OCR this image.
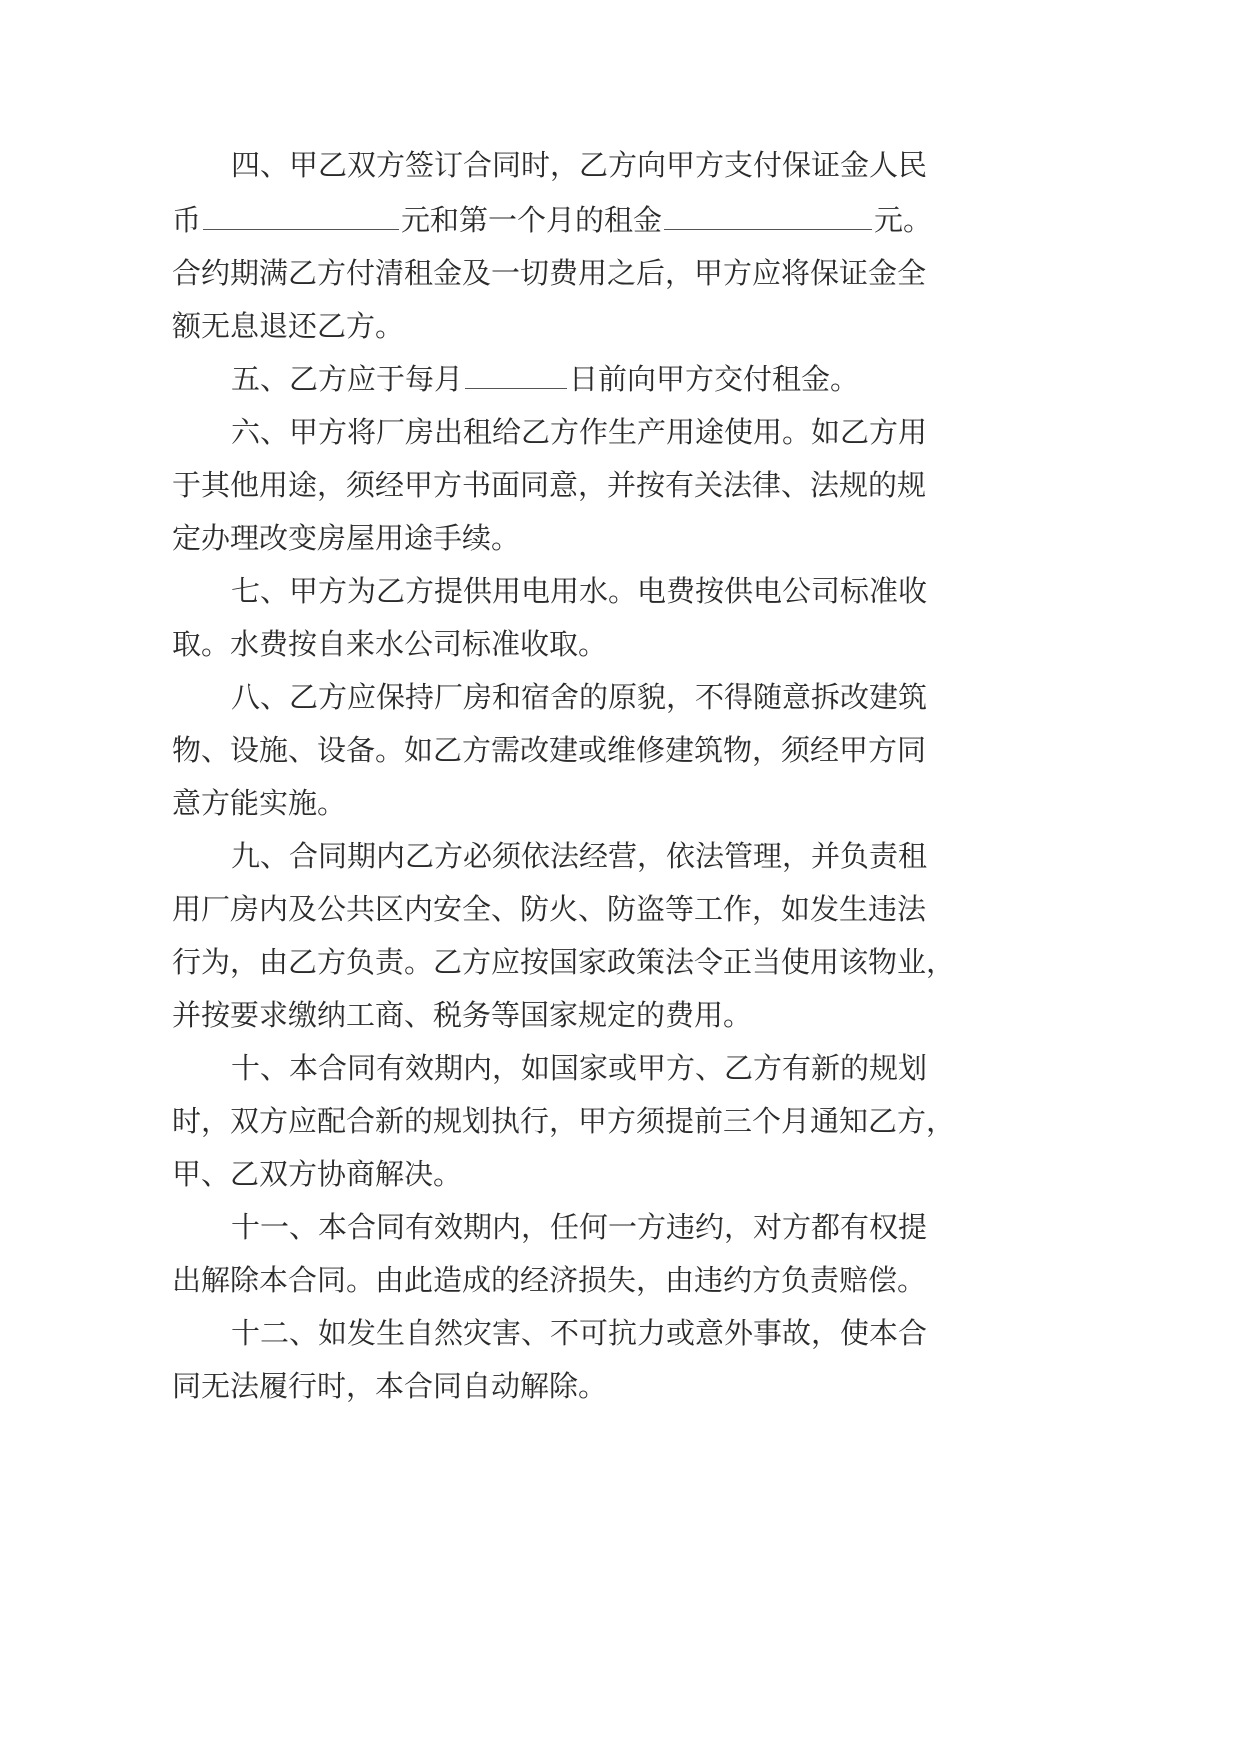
四、甲乙双方签订合同时，乙方向甲方支付保证金人民
币	元和第一个月的租金	元。
合约期满乙方付清租金及一切费用之后，甲方应将保证金全
额无息退还乙方。
五、乙方应于每月	日前向甲方交付租金。
六、甲方将厂房出租给乙方作生产用途使用。如乙方用
于其他用途，须经甲方书面同意，并按有关法律、法规的规
定办理改变房屋用途手续。
七、甲方为乙方提供用电用水。电费按供电公司标准收
取。水费按自来水公司标准收取。
八、乙方应保持厂房和宿舍的原貌，不得随意拆改建筑
物、设施、设备。如乙方需改建或维修建筑物，须经甲方同
意方能实施。
九、合同期内乙方必须依法经营，依法管理，并负责租
用厂房内及公共区内安全、防火、防盗等工作，如发生违法
行为，由乙方负责。乙方应按国家政策法令正当使用该物业，
并按要求缴纳工商、税务等国家规定的费用。
十、本合同有效期内，如国家或甲方、乙方有新的规划
时，双方应配合新的规划执行，甲方须提前三个月通知乙方，
甲、乙双方协商解决。
十一、本合同有效期内，任何一方违约，对方都有权提
出解除本合同。由此造成的经济损失，由违约方负责赔偿。
十二、如发生自然灾害、不可抗力或意外事故，使本合
同无法履行时，本合同自动解除。
